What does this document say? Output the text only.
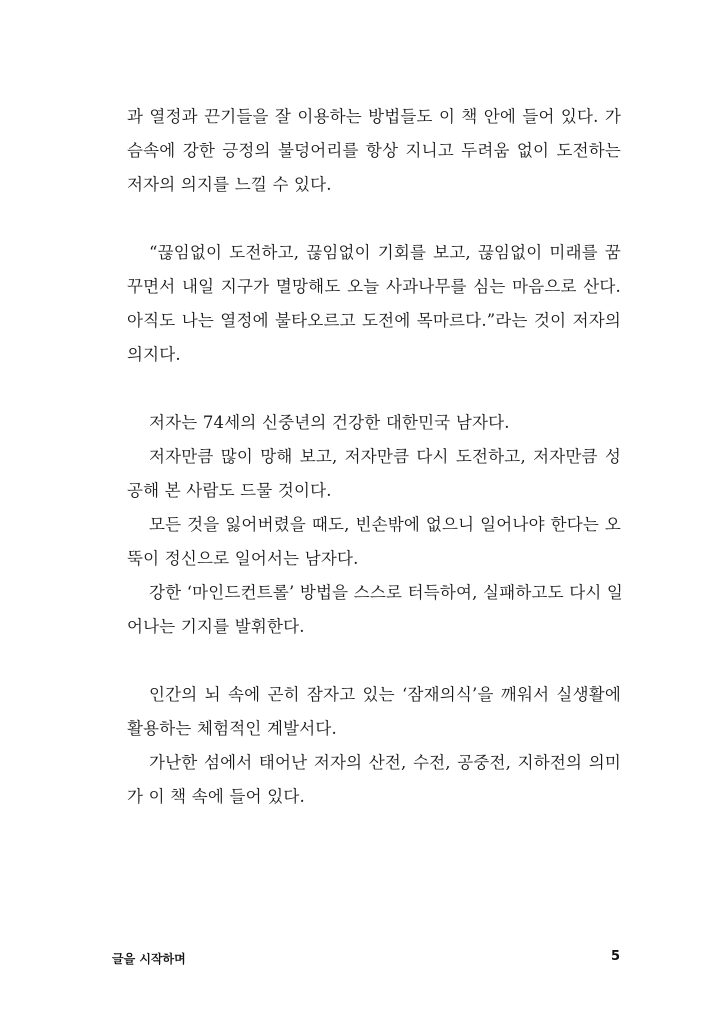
과 열정과 끈기들을 잘 이용하는 방법들도 이 책 안에 들어 있다. 가
슴속에 강한 긍정의 불덩어리를 항상 지니고 두려움 없이 도전하는
저자의 의지를 느낄 수 있다.

“끊임없이 도전하고, 끊임없이 기회를 보고, 끊임없이 미래를 꿈
꾸면서 내일 지구가 멸망해도 오늘 사과나무를 심는 마음으로 산다.
아직도 나는 열정에 불타오르고 도전에 목마르다.”라는 것이 저자의
의지다.

저자는 74세의 신중년의 건강한 대한민국 남자다.

저자만큼 많이 망해 보고, 저자만큼 다시 도전하고, 저자만큼 성
공해 본 사람도 드물 것이다.

모든 것을 잃어버렸을 때도, 빈손밖에 없으니 일어나야 한다는 오
뚝이 정신으로 일어서는 남자다.

강한 ‘마인드컨트롤’ 방법을 스스로 터득하여, 실패하고도 다시 일
어나는 기지를 발휘한다.

인간의 뇌 속에 곤히 잠자고 있는 ‘잠재의식’을 깨워서 실생활에
활용하는 체험적인 계발서다.

가난한 섬에서 태어난 저자의 산전, 수전, 공중전, 지하전의 의미
가 이 책 속에 들어 있다.

글을 시작하며	5
